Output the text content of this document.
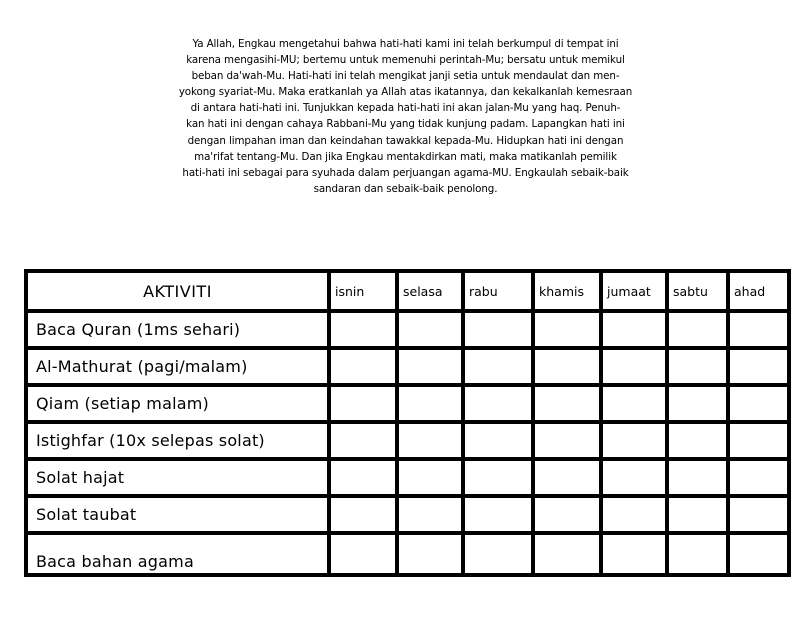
Ya Allah, Engkau mengetahui bahwa hati-hati kami ini telah berkumpul di tempat ini
karena mengasihi-MU; bertemu untuk memenuhi perintah-Mu; bersatu untuk memikul
beban da'wah-Mu. Hati-hati ini telah mengikat janji setia untuk mendaulat dan men-
yokong syariat-Mu. Maka eratkanlah ya Allah atas ikatannya, dan kekalkanlah kemesraan
di antara hati-hati ini. Tunjukkan kepada hati-hati ini akan jalan-Mu yang haq. Penuh-
kan hati ini dengan cahaya Rabbani-Mu yang tidak kunjung padam. Lapangkan hati ini
dengan limpahan iman dan keindahan tawakkal kepada-Mu. Hidupkan hati ini dengan
ma'rifat tentang-Mu. Dan jika Engkau mentakdirkan mati, maka matikanlah pemilik
hati-hati ini sebagai para syuhada dalam perjuangan agama-MU. Engkaulah sebaik-baik
sandaran dan sebaik-baik penolong.
AKTIVITI	isnin	selasa	rabu	khamis	jumaat	sabtu	ahad
Baca Quran (1ms sehari)							
Al-Mathurat (pagi/malam)							
Qiam (setiap malam)							
Istighfar (10x selepas solat)							
Solat hajat							
Solat taubat							
Baca bahan agama							
